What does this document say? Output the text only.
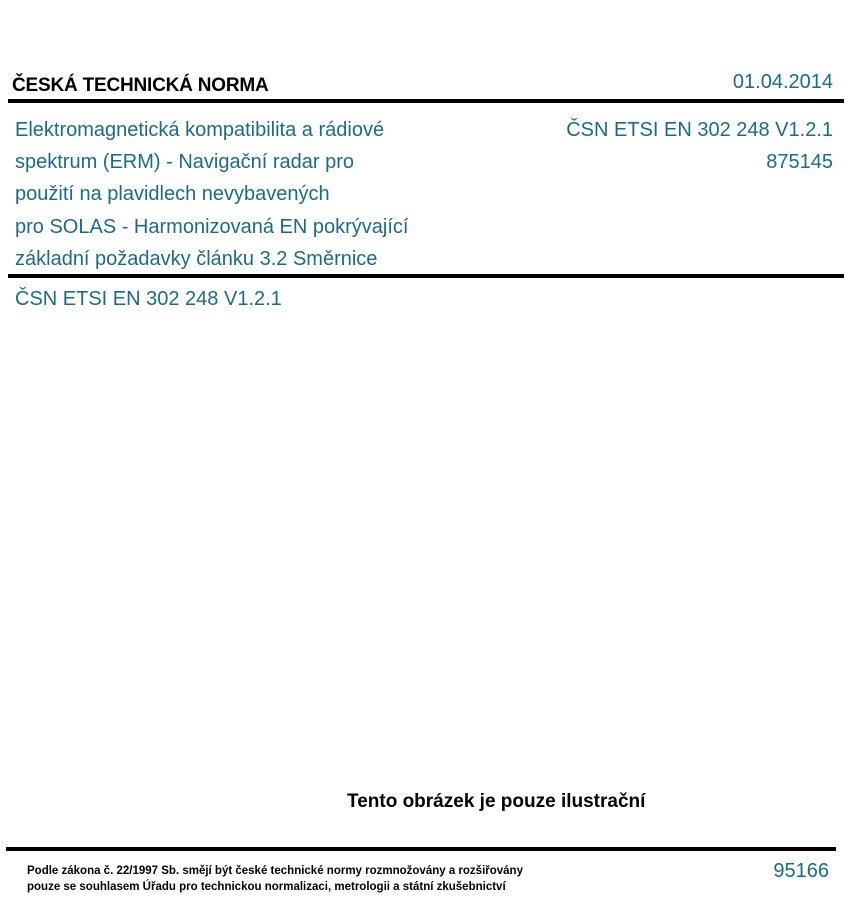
ČESKÁ TECHNICKÁ NORMA	01.04.2014
Elektromagnetická kompatibilita a rádiové
spektrum (ERM) - Navigační radar pro
použití na plavidlech nevybavených
pro SOLAS - Harmonizovaná EN pokrývající
základní požadavky článku 3.2 Směrnice
ČSN ETSI EN 302 248 V1.2.1
875145
ČSN ETSI EN 302 248 V1.2.1
Tento obrázek je pouze ilustrační
Podle zákona č. 22/1997 Sb. smějí být české technické normy rozmnožovány a rozšiřovány
pouze se souhlasem Úřadu pro technickou normalizaci, metrologii a státní zkušebnictví
95166
